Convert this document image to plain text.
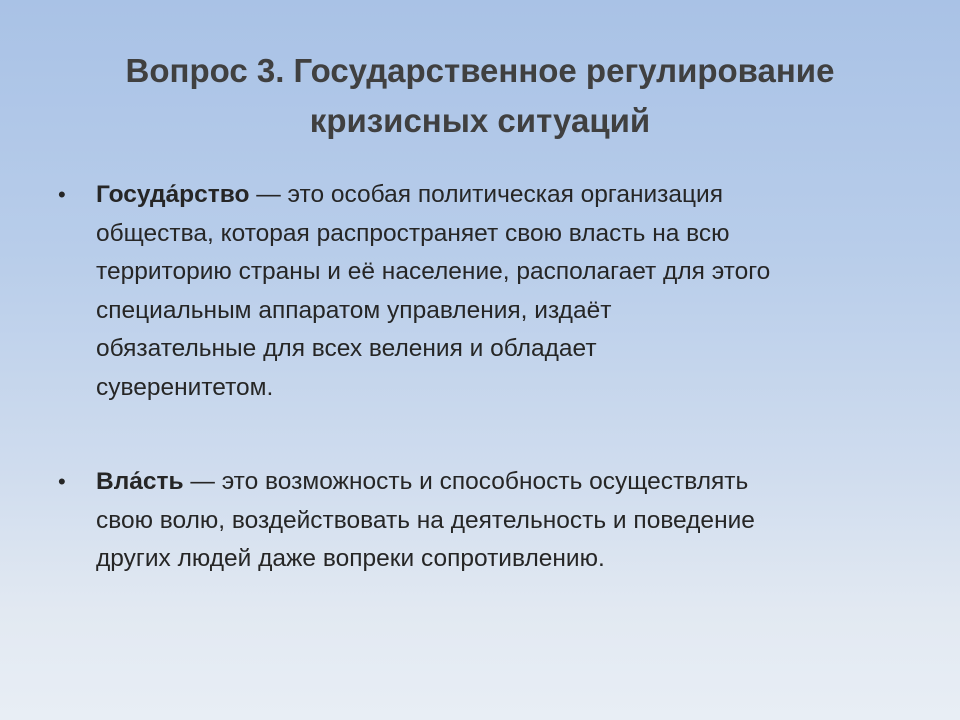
Вопрос 3. Государственное регулирование
кризисных ситуаций
• Госуда́рство — это особая политическая организация
общества, которая распространяет свою власть на всю
территорию страны и её население, располагает для этого
специальным аппаратом управления, издаёт
обязательные для всех веления и обладает
суверенитетом.
• Вла́сть — это возможность и способность осуществлять
свою волю, воздействовать на деятельность и поведение
других людей даже вопреки сопротивлению.
